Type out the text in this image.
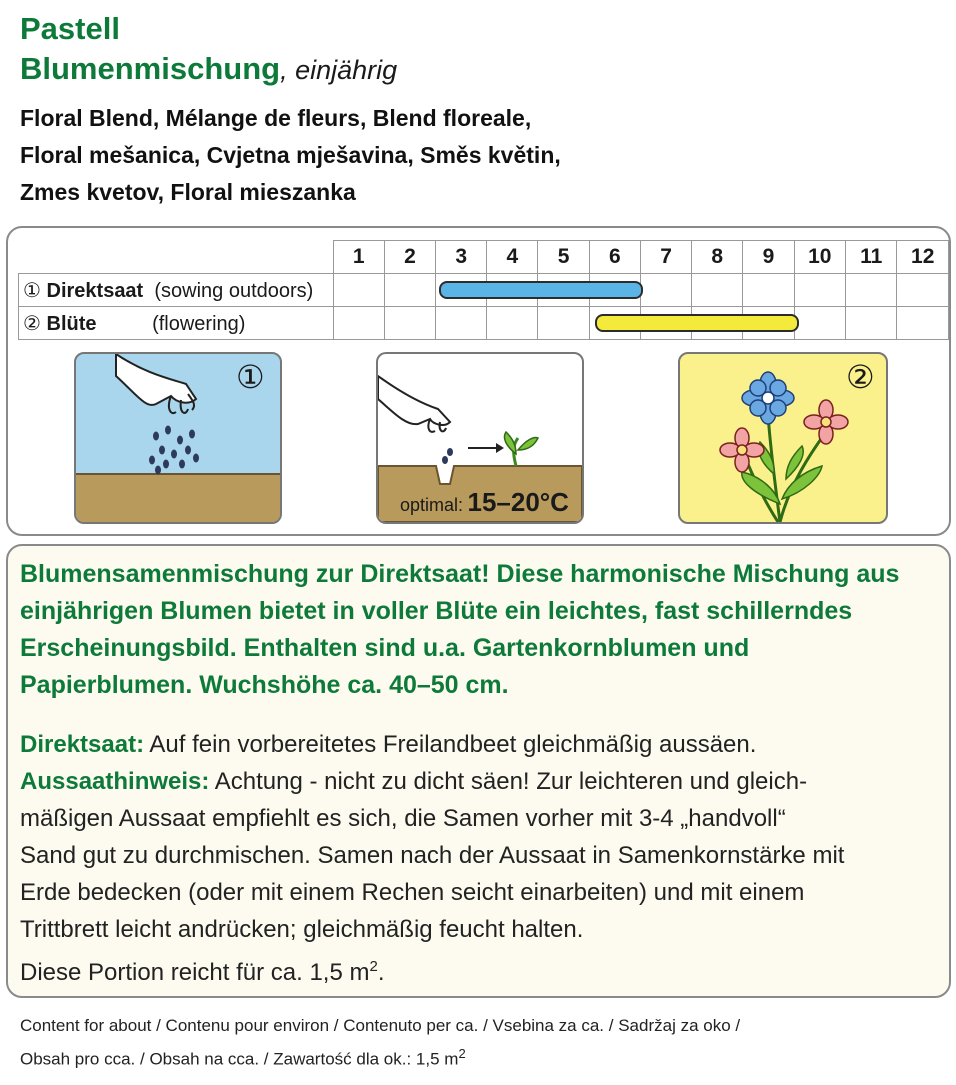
Pastell
Blumenmischung, einjährig
Floral Blend, Mélange de fleurs, Blend floreale,
Floral mešanica, Cvjetna mješavina, Směs květin,
Zmes kvetov, Floral mieszanka
	1	2	3	4	5	6	7	8	9	10	11	12
① Direktsaat (sowing outdoors)												
② Blüte (flowering)												
①
optimal: 15–20°C
②
Blumensamenmischung zur Direktsaat! Diese harmonische Mischung aus
einjährigen Blumen bietet in voller Blüte ein leichtes, fast schillerndes
Erscheinungsbild. Enthalten sind u.a. Gartenkornblumen und
Papierblumen. Wuchshöhe ca. 40–50 cm.
Direktsaat: Auf fein vorbereitetes Freilandbeet gleichmäßig aussäen.
Aussaathinweis: Achtung - nicht zu dicht säen! Zur leichteren und gleich-
mäßigen Aussaat empfiehlt es sich, die Samen vorher mit 3-4 „handvoll“
Sand gut zu durchmischen. Samen nach der Aussaat in Samenkornstärke mit
Erde bedecken (oder mit einem Rechen seicht einarbeiten) und mit einem
Trittbrett leicht andrücken; gleichmäßig feucht halten.
Diese Portion reicht für ca. 1,5 $m^2$.
Content for about / Contenu pour environ / Contenuto per ca. / Vsebina za ca. / Sadržaj za oko /
Obsah pro cca. / Obsah na cca. / Zawartość dla ok.: 1,5 $m^2$
